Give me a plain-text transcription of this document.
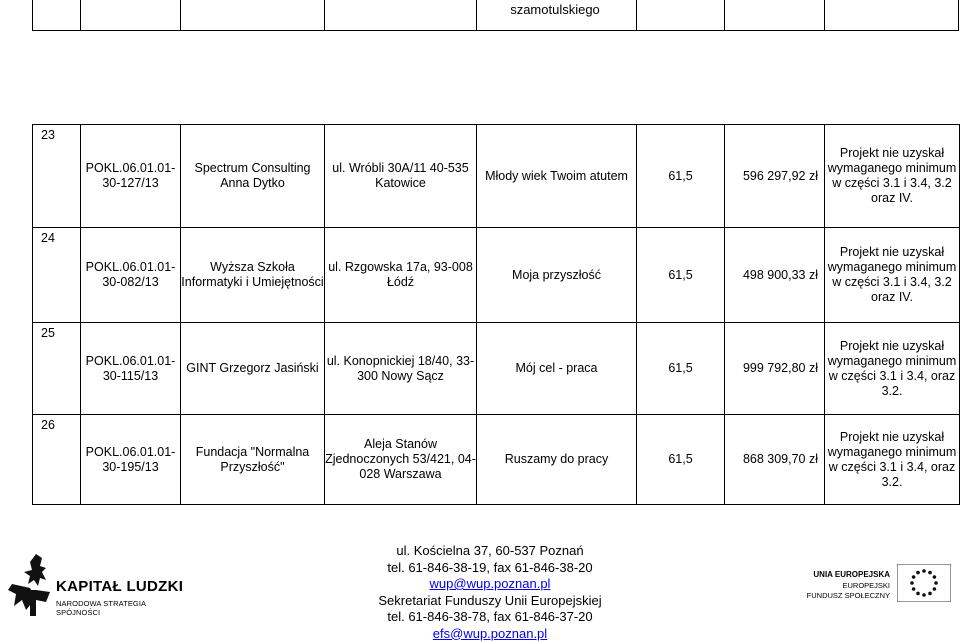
szamotulskiego
23	POKL.06.01.01-30-127/13	Spectrum Consulting Anna Dytko	ul. Wróbli 30A/11 40-535 Katowice	Młody wiek Twoim atutem	61,5	596 297,92 zł	Projekt nie uzyskał wymaganego minimum w części 3.1 i 3.4, 3.2 oraz IV.
24	POKL.06.01.01-30-082/13	Wyższa Szkoła Informatyki i Umiejętności	ul. Rzgowska 17a, 93-008 Łódź	Moja przyszłość	61,5	498 900,33 zł	Projekt nie uzyskał wymaganego minimum w części 3.1 i 3.4, 3.2 oraz IV.
25	POKL.06.01.01-30-115/13	GINT Grzegorz Jasiński	ul. Konopnickiej 18/40, 33-300 Nowy Sącz	Mój cel - praca	61,5	999 792,80 zł	Projekt nie uzyskał wymaganego minimum w części 3.1 i 3.4, oraz 3.2.
26	POKL.06.01.01-30-195/13	Fundacja "Normalna Przyszłość"	Aleja Stanów Zjednoczonych 53/421, 04-028 Warszawa	Ruszamy do pracy	61,5	868 309,70 zł	Projekt nie uzyskał wymaganego minimum w części 3.1 i 3.4, oraz 3.2.
KAPITAŁ LUDZKI
NARODOWA STRATEGIA SPÓJNOŚCI
ul. Kościelna 37, 60-537 Poznań
tel. 61-846-38-19, fax 61-846-38-20
wup@wup.poznan.pl
Sekretariat Funduszy Unii Europejskiej
tel. 61-846-38-78, fax 61-846-37-20
efs@wup.poznan.pl
UNIA EUROPEJSKA
EUROPEJSKI
FUNDUSZ SPOŁECZNY
